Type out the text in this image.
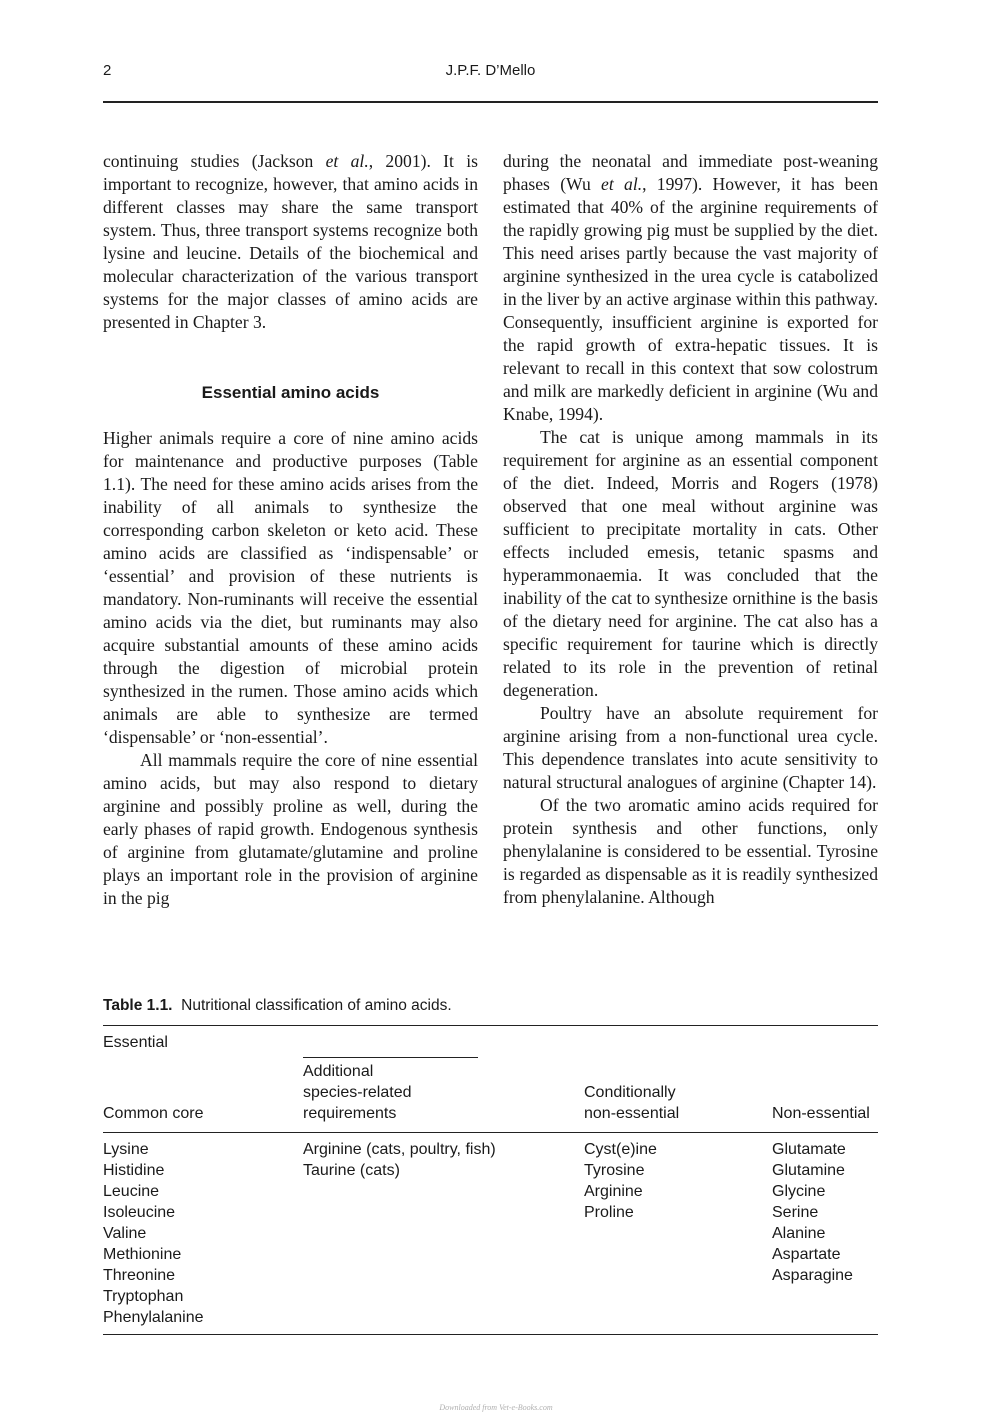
2	J.P.F. D’Mello

continuing studies (Jackson et al., 2001). It is important to recognize, however, that amino acids in different classes may share the same transport system. Thus, three transport systems recognize both lysine and leucine. Details of the biochemical and molecular characterization of the various transport systems for the major classes of amino acids are presented in Chapter 3.

Essential amino acids

Higher animals require a core of nine amino acids for maintenance and productive purposes (Table 1.1). The need for these amino acids arises from the inability of all animals to synthesize the corresponding carbon skeleton or keto acid. These amino acids are classified as ‘indispensable’ or ‘essential’ and provision of these nutrients is mandatory. Non-ruminants will receive the essential amino acids via the diet, but ruminants may also acquire substantial amounts of these amino acids through the digestion of microbial protein synthesized in the rumen. Those amino acids which animals are able to synthesize are termed ‘dispensable’ or ‘non-essential’.

All mammals require the core of nine essential amino acids, but may also respond to dietary arginine and possibly proline as well, during the early phases of rapid growth. Endogenous synthesis of arginine from glutamate/glutamine and proline plays an important role in the provision of arginine in the pig

during the neonatal and immediate post-weaning phases (Wu et al., 1997). However, it has been estimated that 40% of the arginine requirements of the rapidly growing pig must be supplied by the diet. This need arises partly because the vast majority of arginine synthesized in the urea cycle is catabolized in the liver by an active arginase within this pathway. Consequently, insufficient arginine is exported for the rapid growth of extra-hepatic tissues. It is relevant to recall in this context that sow colostrum and milk are markedly deficient in arginine (Wu and Knabe, 1994).

The cat is unique among mammals in its requirement for arginine as an essential component of the diet. Indeed, Morris and Rogers (1978) observed that one meal without arginine was sufficient to precipitate mortality in cats. Other effects included emesis, tetanic spasms and hyperammonaemia. It was concluded that the inability of the cat to synthesize ornithine is the basis of the dietary need for arginine. The cat also has a specific requirement for taurine which is directly related to its role in the prevention of retinal degeneration.

Poultry have an absolute requirement for arginine arising from a non-functional urea cycle. This dependence translates into acute sensitivity to natural structural analogues of arginine (Chapter 14).

Of the two aromatic amino acids required for protein synthesis and other functions, only phenylalanine is considered to be essential. Tyrosine is regarded as dispensable as it is readily synthesized from phenylalanine. Although

Table 1.1. Nutritional classification of amino acids.
Essential
Common core
Additional
species-related
requirements
Conditionally
non-essential	Non-essential
Lysine
Histidine
Leucine
Isoleucine
Valine
Methionine
Threonine
Tryptophan
Phenylalanine
Arginine (cats, poultry, fish)
Taurine (cats)
Cyst(e)ine
Tyrosine
Arginine
Proline
Glutamate
Glutamine
Glycine
Serine
Alanine
Aspartate
Asparagine
Downloaded from Vet-e-Books.com
